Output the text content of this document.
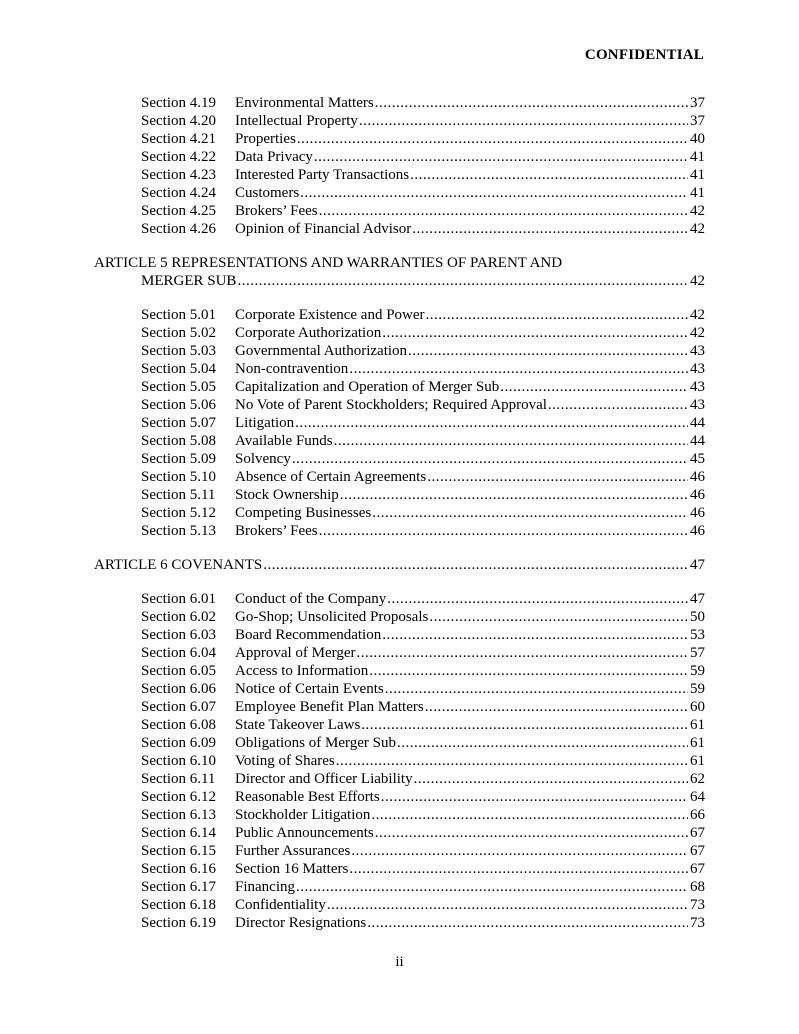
CONFIDENTIAL
Section 4.19 Environmental Matters .....	37
Section 4.20 Intellectual Property .....	37
Section 4.21 Properties .....	40
Section 4.22 Data Privacy .....	41
Section 4.23 Interested Party Transactions .....	41
Section 4.24 Customers .....	41
Section 4.25 Brokers’ Fees .....	42
Section 4.26 Opinion of Financial Advisor .....	42
ARTICLE 5 REPRESENTATIONS AND WARRANTIES OF PARENT AND
MERGER SUB .....	42
Section 5.01 Corporate Existence and Power .....	42
Section 5.02 Corporate Authorization .....	42
Section 5.03 Governmental Authorization .....	43
Section 5.04 Non-contravention .....	43
Section 5.05 Capitalization and Operation of Merger Sub .....	43
Section 5.06 No Vote of Parent Stockholders; Required Approval .....	43
Section 5.07 Litigation .....	44
Section 5.08 Available Funds .....	44
Section 5.09 Solvency .....	45
Section 5.10 Absence of Certain Agreements .....	46
Section 5.11 Stock Ownership .....	46
Section 5.12 Competing Businesses .....	46
Section 5.13 Brokers’ Fees .....	46
ARTICLE 6 COVENANTS .....	47
Section 6.01 Conduct of the Company .....	47
Section 6.02 Go-Shop; Unsolicited Proposals .....	50
Section 6.03 Board Recommendation .....	53
Section 6.04 Approval of Merger .....	57
Section 6.05 Access to Information .....	59
Section 6.06 Notice of Certain Events .....	59
Section 6.07 Employee Benefit Plan Matters .....	60
Section 6.08 State Takeover Laws .....	61
Section 6.09 Obligations of Merger Sub .....	61
Section 6.10 Voting of Shares .....	61
Section 6.11 Director and Officer Liability .....	62
Section 6.12 Reasonable Best Efforts .....	64
Section 6.13 Stockholder Litigation .....	66
Section 6.14 Public Announcements .....	67
Section 6.15 Further Assurances .....	67
Section 6.16 Section 16 Matters .....	67
Section 6.17 Financing .....	68
Section 6.18 Confidentiality .....	73
Section 6.19 Director Resignations .....	73
ii
